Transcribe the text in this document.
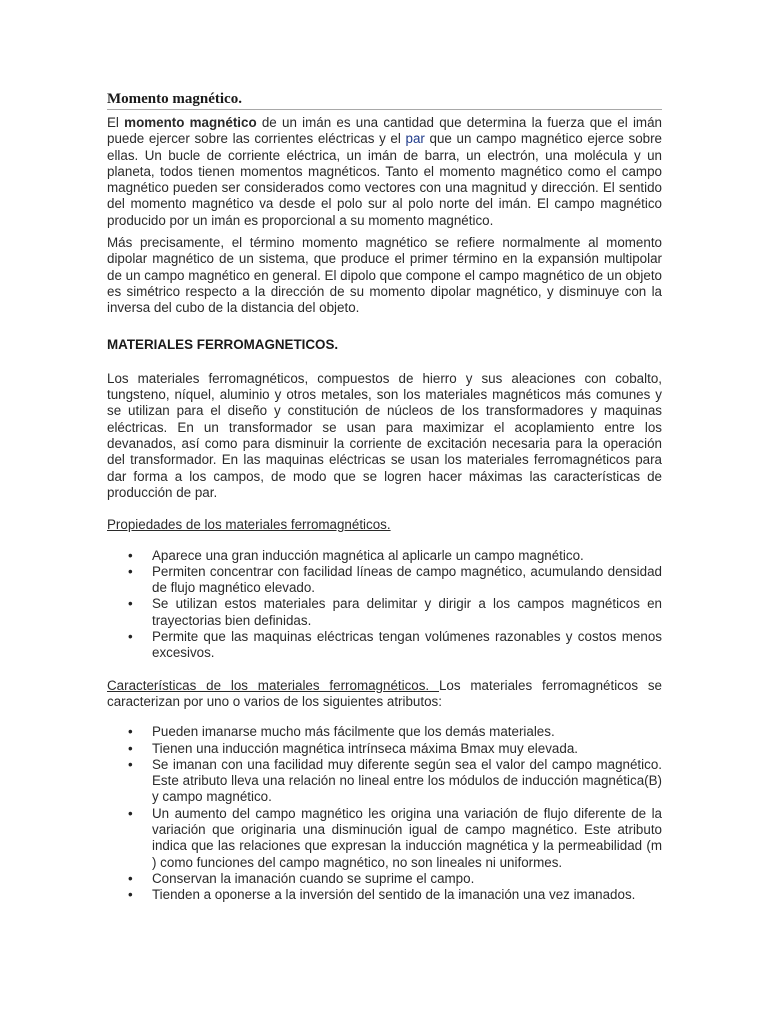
Momento magnético.

El momento magnético de un imán es una cantidad que determina la fuerza que el imán puede ejercer sobre las corrientes eléctricas y el par que un campo magnético ejerce sobre ellas. Un bucle de corriente eléctrica, un imán de barra, un electrón, una molécula y un planeta, todos tienen momentos magnéticos. Tanto el momento magnético como el campo magnético pueden ser considerados como vectores con una magnitud y dirección. El sentido del momento magnético va desde el polo sur al polo norte del imán. El campo magnético producido por un imán es proporcional a su momento magnético.

Más precisamente, el término momento magnético se refiere normalmente al momento dipolar magnético de un sistema, que produce el primer término en la expansión multipolar de un campo magnético en general. El dipolo que compone el campo magnético de un objeto es simétrico respecto a la dirección de su momento dipolar magnético, y disminuye con la inversa del cubo de la distancia del objeto.

MATERIALES FERROMAGNETICOS.

Los materiales ferromagnéticos, compuestos de hierro y sus aleaciones con cobalto, tungsteno, níquel, aluminio y otros metales, son los materiales magnéticos más comunes y se utilizan para el diseño y constitución de núcleos de los transformadores y maquinas eléctricas. En un transformador se usan para maximizar el acoplamiento entre los devanados, así como para disminuir la corriente de excitación necesaria para la operación del transformador. En las maquinas eléctricas se usan los materiales ferromagnéticos para dar forma a los campos, de modo que se logren hacer máximas las características de producción de par.

Propiedades de los materiales ferromagnéticos.
• Aparece una gran inducción magnética al aplicarle un campo magnético.
• Permiten concentrar con facilidad líneas de campo magnético, acumulando densidad de flujo magnético elevado.
• Se utilizan estos materiales para delimitar y dirigir a los campos magnéticos en trayectorias bien definidas.
• Permite que las maquinas eléctricas tengan volúmenes razonables y costos menos excesivos.
Características de los materiales ferromagnéticos. Los materiales ferromagnéticos se caracterizan por uno o varios de los siguientes atributos:
• Pueden imanarse mucho más fácilmente que los demás materiales.
• Tienen una inducción magnética intrínseca máxima Bmax muy elevada.
• Se imanan con una facilidad muy diferente según sea el valor del campo magnético. Este atributo lleva una relación no lineal entre los módulos de inducción magnética(B) y campo magnético.
• Un aumento del campo magnético les origina una variación de flujo diferente de la variación que originaria una disminución igual de campo magnético. Este atributo indica que las relaciones que expresan la inducción magnética y la permeabilidad (m ) como funciones del campo magnético, no son lineales ni uniformes.
• Conservan la imanación cuando se suprime el campo.
• Tienden a oponerse a la inversión del sentido de la imanación una vez imanados.
